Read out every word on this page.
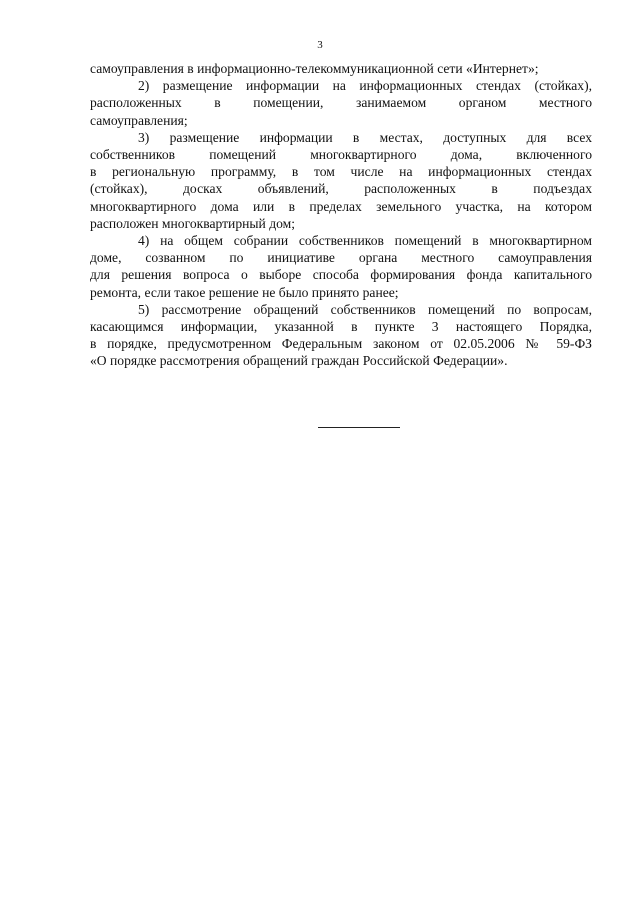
3
самоуправления в информационно-телекоммуникационной сети «Интернет»;
2) размещение информации на информационных стендах (стойках),
расположенных в помещении, занимаемом органом местного
самоуправления;
3) размещение информации в местах, доступных для всех
собственников помещений многоквартирного дома, включенного
в региональную программу, в том числе на информационных стендах
(стойках), досках объявлений, расположенных в подъездах
многоквартирного дома или в пределах земельного участка, на котором
расположен многоквартирный дом;
4) на общем собрании собственников помещений в многоквартирном
доме, созванном по инициативе органа местного самоуправления
для решения вопроса о выборе способа формирования фонда капитального
ремонта, если такое решение не было принято ранее;
5) рассмотрение обращений собственников помещений по вопросам,
касающимся информации, указанной в пункте 3 настоящего Порядка,
в порядке, предусмотренном Федеральным законом от 02.05.2006 № 59-ФЗ
«О порядке рассмотрения обращений граждан Российской Федерации».
